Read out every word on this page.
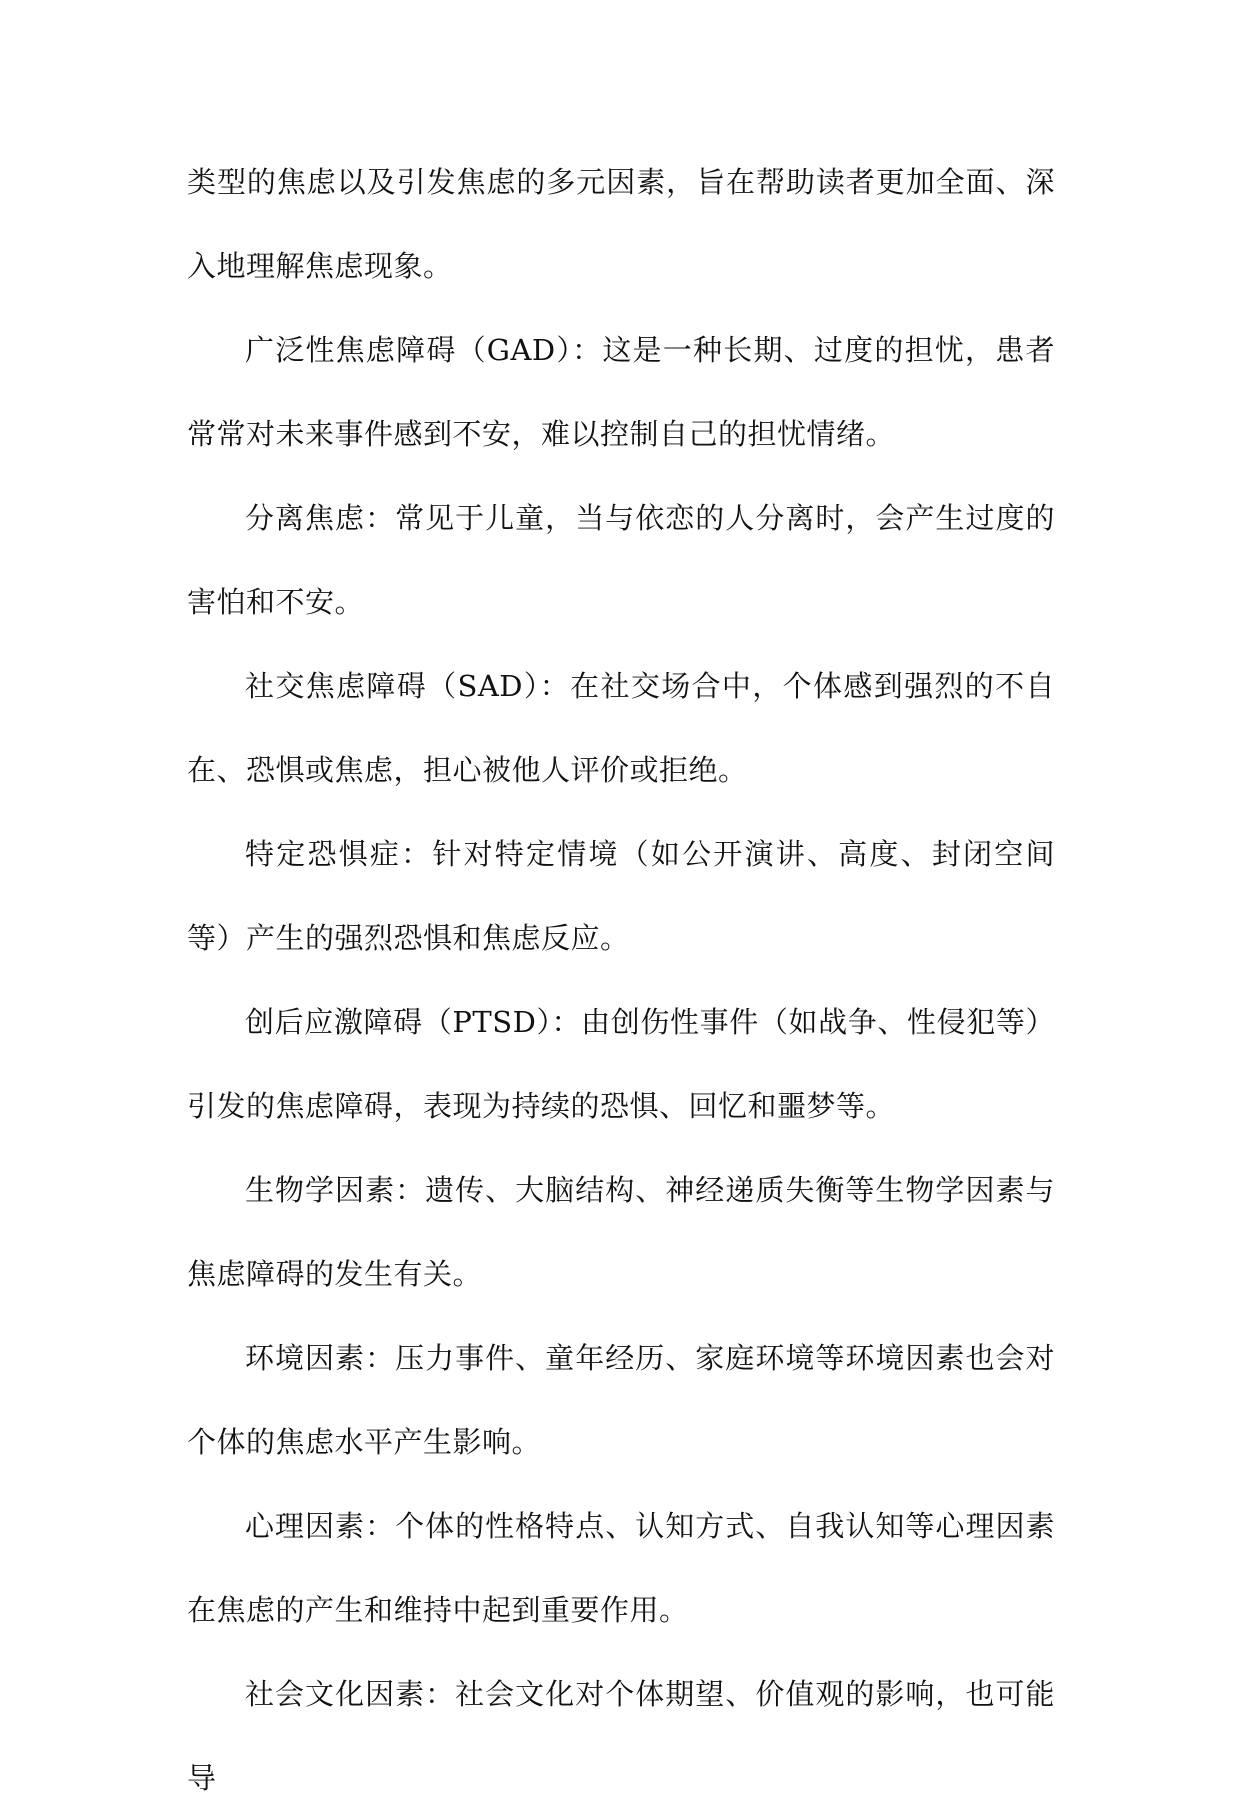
类型的焦虑以及引发焦虑的多元因素，旨在帮助读者更加全面、深入地理解焦虑现象。

广泛性焦虑障碍（GAD）：这是一种长期、过度的担忧，患者常常对未来事件感到不安，难以控制自己的担忧情绪。

分离焦虑：常见于儿童，当与依恋的人分离时，会产生过度的害怕和不安。

社交焦虑障碍（SAD）：在社交场合中，个体感到强烈的不自在、恐惧或焦虑，担心被他人评价或拒绝。

特定恐惧症：针对特定情境（如公开演讲、高度、封闭空间等）产生的强烈恐惧和焦虑反应。

创后应激障碍（PTSD）：由创伤性事件（如战争、性侵犯等）引发的焦虑障碍，表现为持续的恐惧、回忆和噩梦等。

生物学因素：遗传、大脑结构、神经递质失衡等生物学因素与焦虑障碍的发生有关。

环境因素：压力事件、童年经历、家庭环境等环境因素也会对个体的焦虑水平产生影响。

心理因素：个体的性格特点、认知方式、自我认知等心理因素在焦虑的产生和维持中起到重要作用。

社会文化因素：社会文化对个体期望、价值观的影响，也可能导
